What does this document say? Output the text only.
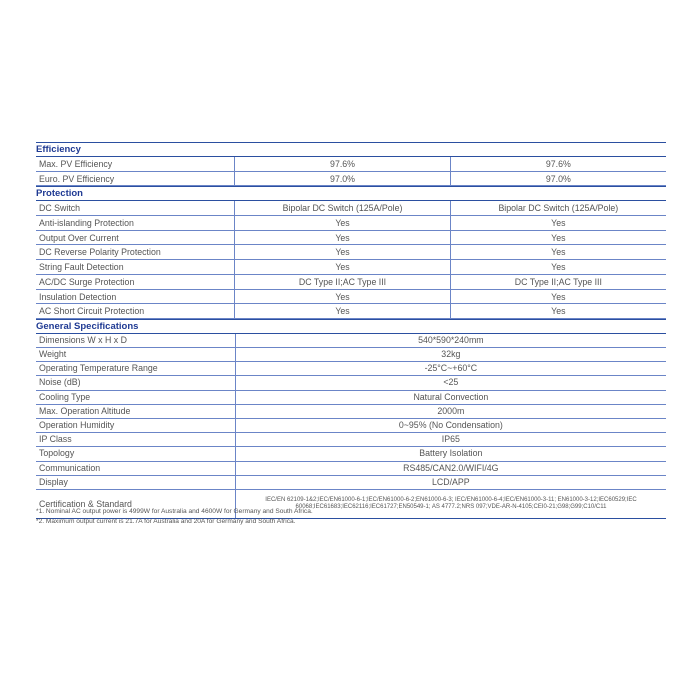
Efficiency
Max. PV Efficiency	97.6%	97.6%
Euro. PV Efficiency	97.0%	97.0%
Protection
DC Switch	Bipolar DC Switch (125A/Pole)	Bipolar DC Switch (125A/Pole)
Anti-islanding Protection	Yes	Yes
Output Over Current	Yes	Yes
DC Reverse Polarity Protection	Yes	Yes
String Fault Detection	Yes	Yes
AC/DC Surge Protection	DC Type II;AC Type III	DC Type II;AC Type III
Insulation Detection	Yes	Yes
AC Short Circuit Protection	Yes	Yes
General Specifications
Dimensions W x H x D	540*590*240mm
Weight	32kg
Operating Temperature Range	-25°C~+60°C
Noise (dB)	<25
Cooling Type	Natural Convection
Max. Operation Altitude	2000m
Operation Humidity	0~95% (No Condensation)
IP Class	IP65
Topology	Battery Isolation
Communication	RS485/CAN2.0/WIFI/4G
Display	LCD/APP
Certification & Standard	IEC/EN 62109-1&2;IEC/EN61000-6-1;IEC/EN61000-6-2;EN61000-6-3; IEC/EN61000-6-4;IEC/EN61000-3-11; EN61000-3-12;IEC60529;IEC 60068;IEC61683;IEC62116;IEC61727;EN50549-1; AS 4777.2;NRS 097;VDE-AR-N-4105;CEI0-21;G98;G99;C10/C11
*1. Nominal AC output power is 4999W for Australia and 4600W for Germany and South Africa.
*2. Maximum output current is 21.7A for Australia and 20A for Germany and South Africa.
